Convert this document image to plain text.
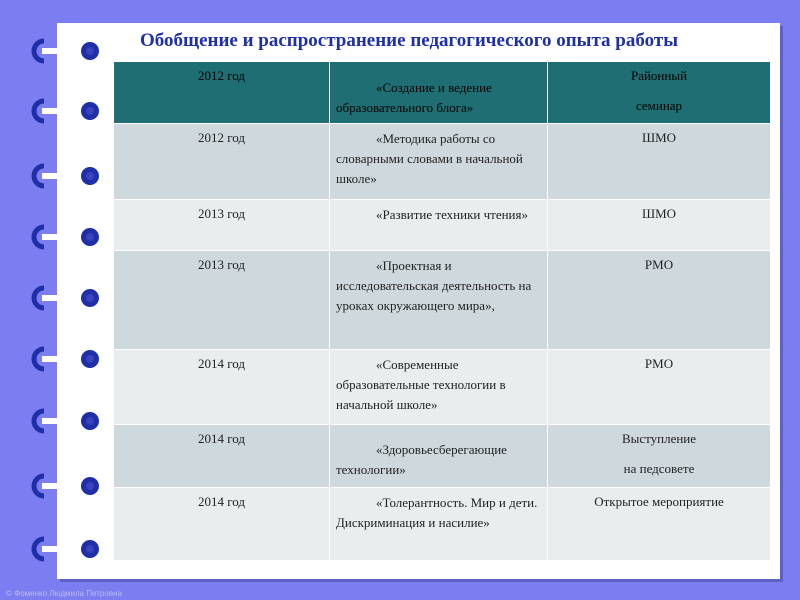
Обобщение и распространение педагогического опыта работы
2012 год	«Создание и ведение образовательного блога»	Районный
семинар

2012 год	«Методика работы со словарными словами в начальной школе»	ШМО

2013 год	«Развитие техники чтения»	ШМО

2013 год	«Проектная и исследовательская деятельность на уроках окружающего мира»,	РМО

2014 год	«Современные образовательные технологии в начальной школе»	РМО

2014 год	«Здоровьесберегающие технологии»	Выступление
на педсовете

2014 год	«Толерантность. Мир и дети. Дискриминация и насилие»	Открытое мероприятие
© Фоменко Людмила Петровна
